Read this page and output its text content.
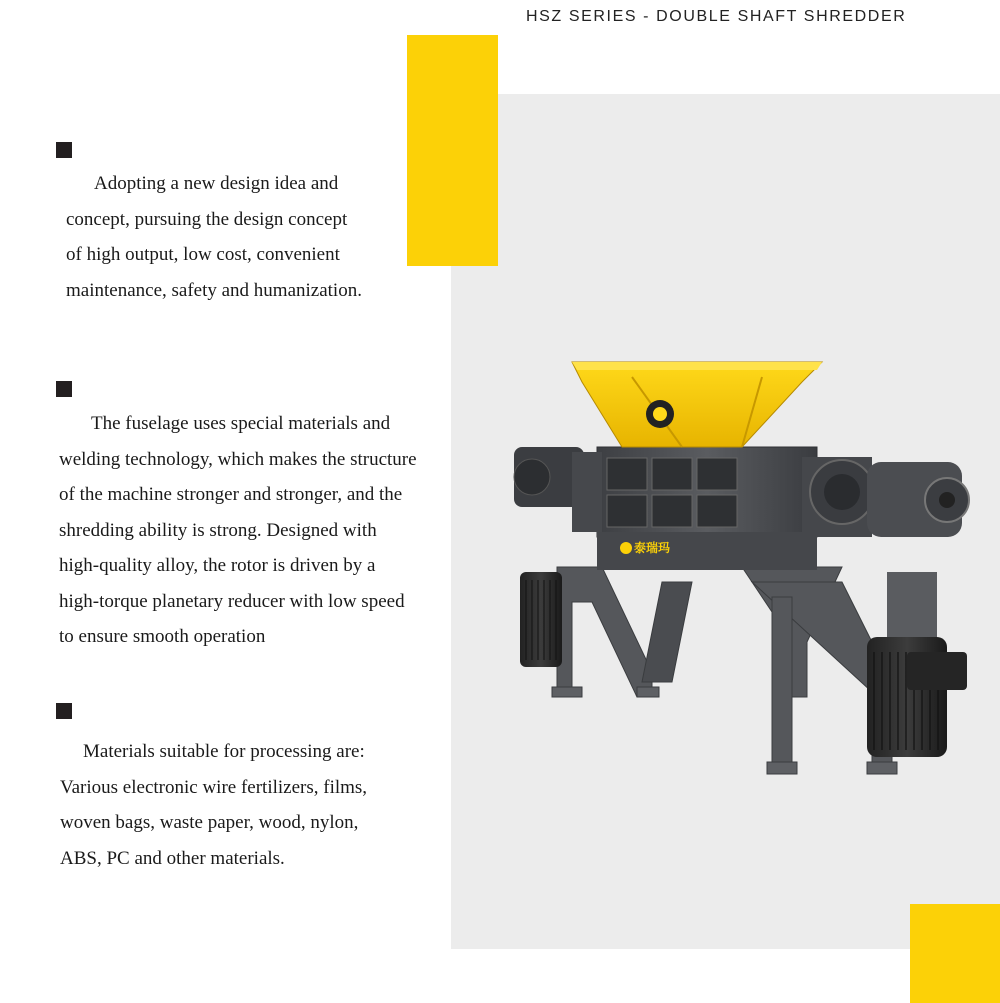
HSZ SERIES - DOUBLE SHAFT SHREDDER
Adopting a new design idea and
concept, pursuing the design concept
of high output, low cost, convenient
maintenance, safety and humanization.
The fuselage uses special materials and
welding technology, which makes the structure
of the machine stronger and stronger, and the
shredding ability is strong. Designed with
high-quality alloy, the rotor is driven by a
high-torque planetary reducer with low speed
to ensure smooth operation
Materials suitable for processing are:
Various electronic wire fertilizers, films,
woven bags, waste paper, wood, nylon,
ABS, PC and other materials.
泰瑞玛
